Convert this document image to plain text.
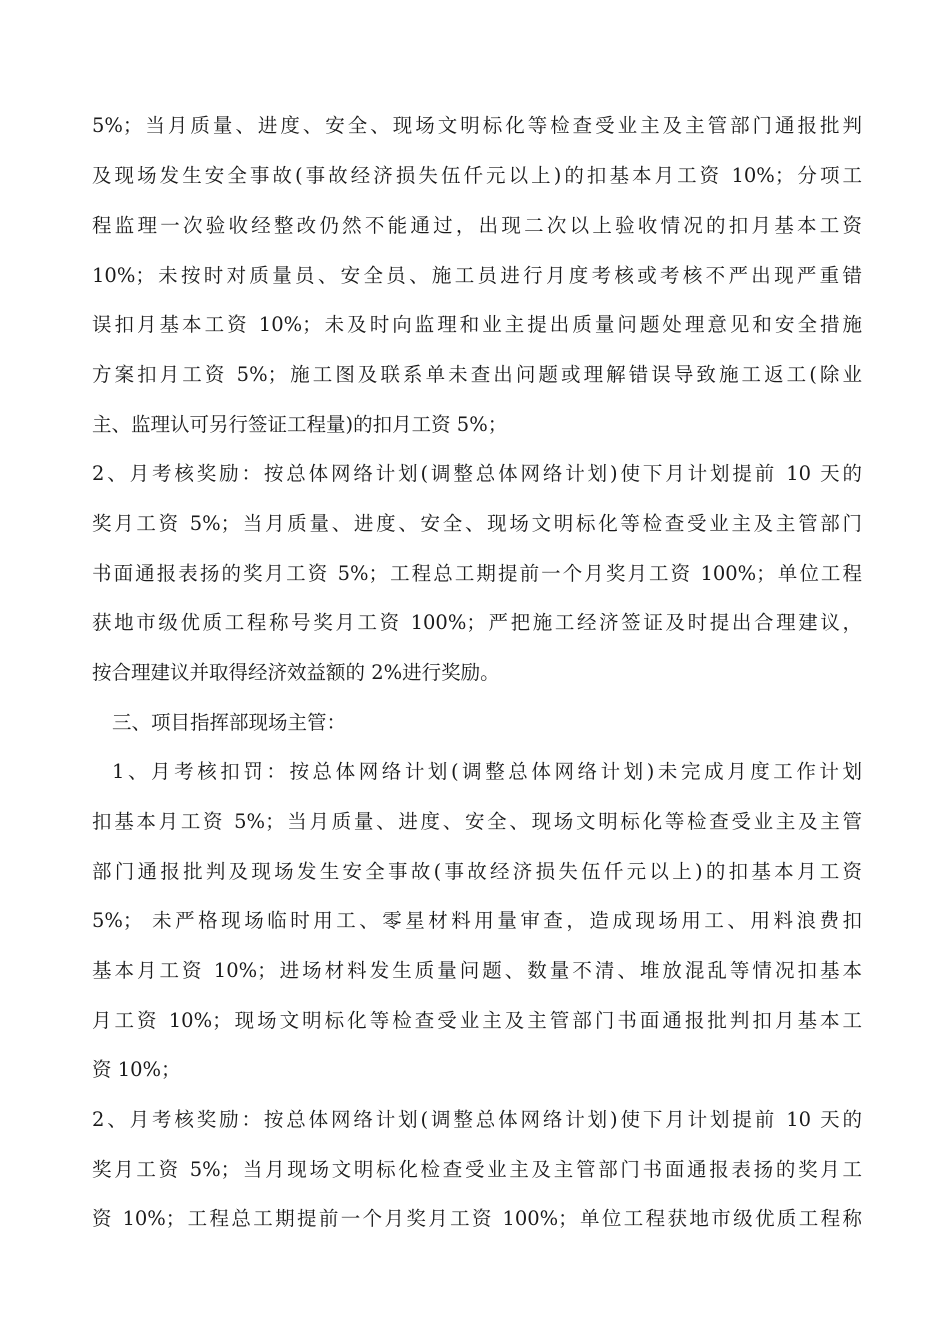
5%；当月质量、进度、安全、现场文明标化等检查受业主及主管部门通报批判
及现场发生安全事故(事故经济损失伍仟元以上)的扣基本月工资 10%；分项工
程监理一次验收经整改仍然不能通过，出现二次以上验收情况的扣月基本工资
10%；未按时对质量员、安全员、施工员进行月度考核或考核不严出现严重错
误扣月基本工资 10%；未及时向监理和业主提出质量问题处理意见和安全措施
方案扣月工资 5%；施工图及联系单未查出问题或理解错误导致施工返工(除业
主、监理认可另行签证工程量)的扣月工资 5%；
2、月考核奖励：按总体网络计划(调整总体网络计划)使下月计划提前 10 天的
奖月工资 5%；当月质量、进度、安全、现场文明标化等检查受业主及主管部门
书面通报表扬的奖月工资 5%；工程总工期提前一个月奖月工资 100%；单位工程
获地市级优质工程称号奖月工资 100%；严把施工经济签证及时提出合理建议，
按合理建议并取得经济效益额的 2%进行奖励。
三、项目指挥部现场主管：
1、月考核扣罚：按总体网络计划(调整总体网络计划)未完成月度工作计划
扣基本月工资 5%；当月质量、进度、安全、现场文明标化等检查受业主及主管
部门通报批判及现场发生安全事故(事故经济损失伍仟元以上)的扣基本月工资
5%； 未严格现场临时用工、零星材料用量审查，造成现场用工、用料浪费扣
基本月工资 10%；进场材料发生质量问题、数量不清、堆放混乱等情况扣基本
月工资 10%；现场文明标化等检查受业主及主管部门书面通报批判扣月基本工
资 10%；
2、月考核奖励：按总体网络计划(调整总体网络计划)使下月计划提前 10 天的
奖月工资 5%；当月现场文明标化检查受业主及主管部门书面通报表扬的奖月工
资 10%；工程总工期提前一个月奖月工资 100%；单位工程获地市级优质工程称
